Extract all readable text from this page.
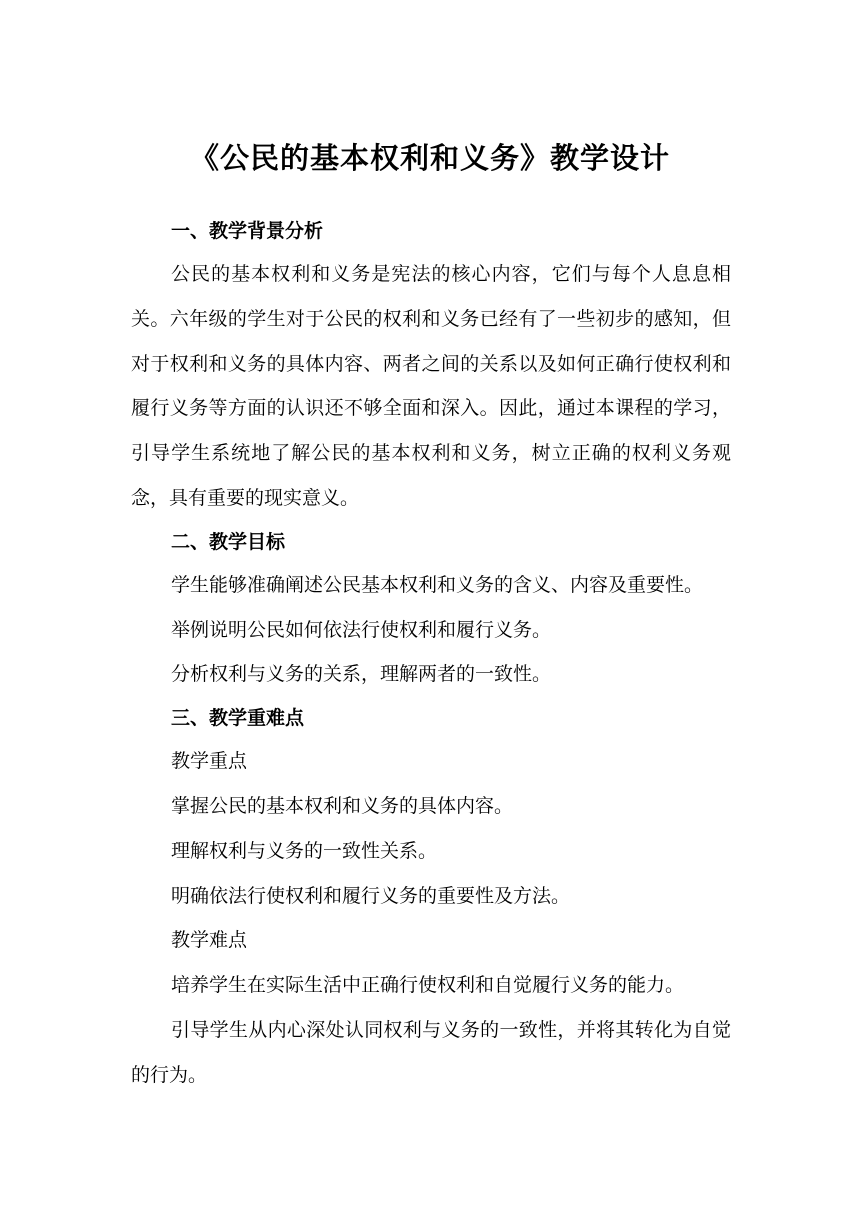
《公民的基本权利和义务》教学设计
一、教学背景分析

公民的基本权利和义务是宪法的核心内容，它们与每个人息息相关。六年级的学生对于公民的权利和义务已经有了一些初步的感知，但对于权利和义务的具体内容、两者之间的关系以及如何正确行使权利和履行义务等方面的认识还不够全面和深入。因此，通过本课程的学习，引导学生系统地了解公民的基本权利和义务，树立正确的权利义务观念，具有重要的现实意义。

二、教学目标

学生能够准确阐述公民基本权利和义务的含义、内容及重要性。

举例说明公民如何依法行使权利和履行义务。

分析权利与义务的关系，理解两者的一致性。

三、教学重难点

教学重点

掌握公民的基本权利和义务的具体内容。

理解权利与义务的一致性关系。

明确依法行使权利和履行义务的重要性及方法。

教学难点

培养学生在实际生活中正确行使权利和自觉履行义务的能力。

引导学生从内心深处认同权利与义务的一致性，并将其转化为自觉的行为。
